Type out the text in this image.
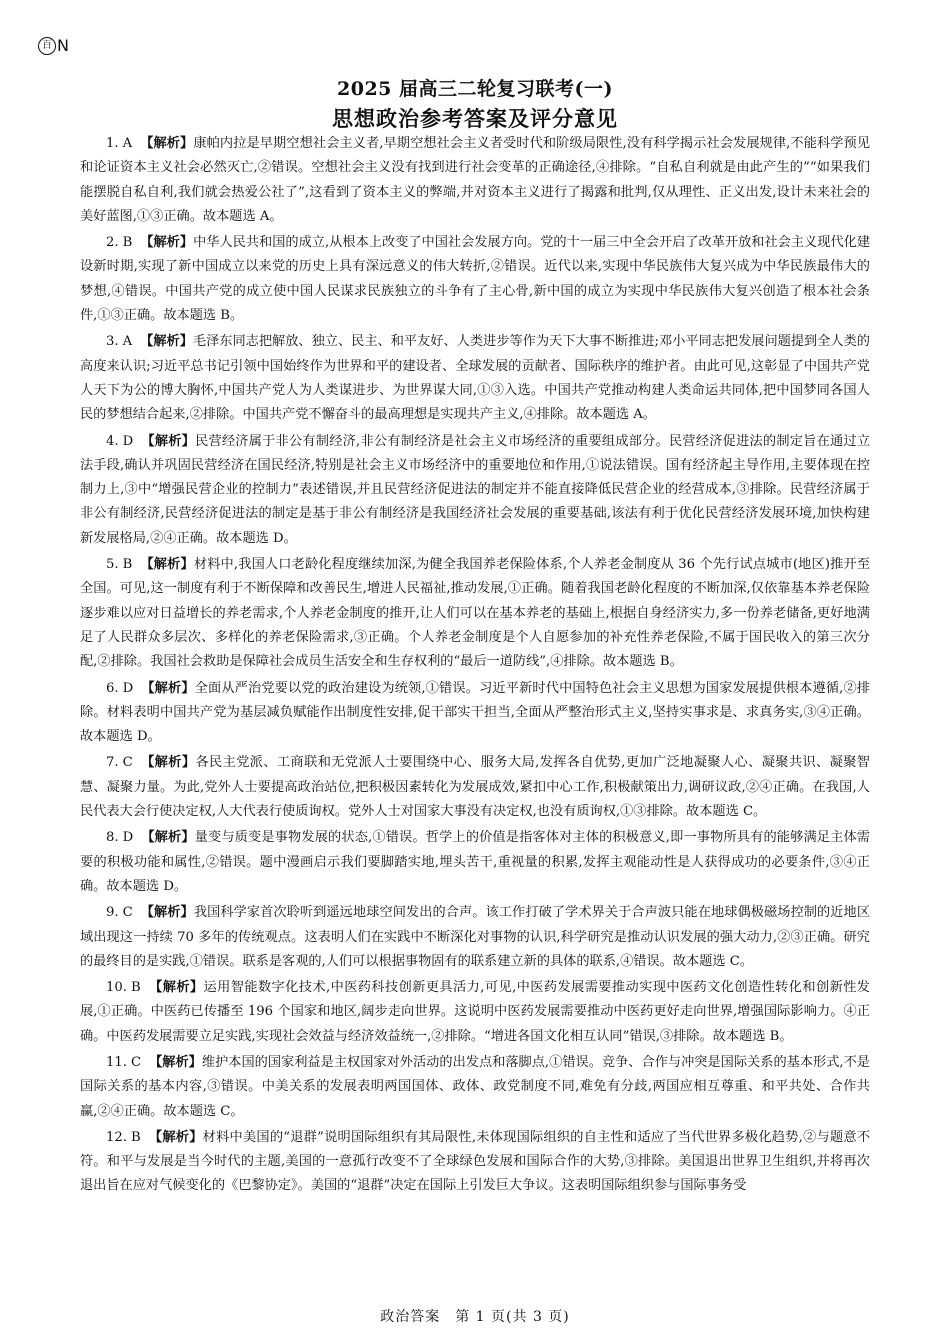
百 N
2025 届高三二轮复习联考(一)
思想政治参考答案及评分意见

1. A 【解析】康帕内拉是早期空想社会主义者,早期空想社会主义者受时代和阶级局限性,没有科学揭示社会发展规律,不能科学预见和论证资本主义社会必然灭亡,②错误。空想社会主义没有找到进行社会变革的正确途径,④排除。“自私自利就是由此产生的”“如果我们能摆脱自私自利,我们就会热爱公社了”,这看到了资本主义的弊端,并对资本主义进行了揭露和批判,仅从理性、正义出发,设计未来社会的美好蓝图,①③正确。故本题选 A。

2. B 【解析】中华人民共和国的成立,从根本上改变了中国社会发展方向。党的十一届三中全会开启了改革开放和社会主义现代化建设新时期,实现了新中国成立以来党的历史上具有深远意义的伟大转折,②错误。近代以来,实现中华民族伟大复兴成为中华民族最伟大的梦想,④错误。中国共产党的成立使中国人民谋求民族独立的斗争有了主心骨,新中国的成立为实现中华民族伟大复兴创造了根本社会条件,①③正确。故本题选 B。

3. A 【解析】毛泽东同志把解放、独立、民主、和平友好、人类进步等作为天下大事不断推进;邓小平同志把发展问题提到全人类的高度来认识;习近平总书记引领中国始终作为世界和平的建设者、全球发展的贡献者、国际秩序的维护者。由此可见,这彰显了中国共产党人天下为公的博大胸怀,中国共产党人为人类谋进步、为世界谋大同,①③入选。中国共产党推动构建人类命运共同体,把中国梦同各国人民的梦想结合起来,②排除。中国共产党不懈奋斗的最高理想是实现共产主义,④排除。故本题选 A。

4. D 【解析】民营经济属于非公有制经济,非公有制经济是社会主义市场经济的重要组成部分。民营经济促进法的制定旨在通过立法手段,确认并巩固民营经济在国民经济,特别是社会主义市场经济中的重要地位和作用,①说法错误。国有经济起主导作用,主要体现在控制力上,③中“增强民营企业的控制力”表述错误,并且民营经济促进法的制定并不能直接降低民营企业的经营成本,③排除。民营经济属于非公有制经济,民营经济促进法的制定是基于非公有制经济是我国经济社会发展的重要基础,该法有利于优化民营经济发展环境,加快构建新发展格局,②④正确。故本题选 D。

5. B 【解析】材料中,我国人口老龄化程度继续加深,为健全我国养老保险体系,个人养老金制度从 36 个先行试点城市(地区)推开至全国。可见,这一制度有利于不断保障和改善民生,增进人民福祉,推动发展,①正确。随着我国老龄化程度的不断加深,仅依靠基本养老保险逐步难以应对日益增长的养老需求,个人养老金制度的推开,让人们可以在基本养老的基础上,根据自身经济实力,多一份养老储备,更好地满足了人民群众多层次、多样化的养老保险需求,③正确。个人养老金制度是个人自愿参加的补充性养老保险,不属于国民收入的第三次分配,②排除。我国社会救助是保障社会成员生活安全和生存权利的“最后一道防线”,④排除。故本题选 B。

6. D 【解析】全面从严治党要以党的政治建设为统领,①错误。习近平新时代中国特色社会主义思想为国家发展提供根本遵循,②排除。材料表明中国共产党为基层减负赋能作出制度性安排,促干部实干担当,全面从严整治形式主义,坚持实事求是、求真务实,③④正确。故本题选 D。

7. C 【解析】各民主党派、工商联和无党派人士要围绕中心、服务大局,发挥各自优势,更加广泛地凝聚人心、凝聚共识、凝聚智慧、凝聚力量。为此,党外人士要提高政治站位,把积极因素转化为发展成效,紧扣中心工作,积极献策出力,调研议政,②④正确。在我国,人民代表大会行使决定权,人大代表行使质询权。党外人士对国家大事没有决定权,也没有质询权,①③排除。故本题选 C。

8. D 【解析】量变与质变是事物发展的状态,①错误。哲学上的价值是指客体对主体的积极意义,即一事物所具有的能够满足主体需要的积极功能和属性,②错误。题中漫画启示我们要脚踏实地,埋头苦干,重视量的积累,发挥主观能动性是人获得成功的必要条件,③④正确。故本题选 D。

9. C 【解析】我国科学家首次聆听到遥远地球空间发出的合声。该工作打破了学术界关于合声波只能在地球偶极磁场控制的近地区域出现这一持续 70 多年的传统观点。这表明人们在实践中不断深化对事物的认识,科学研究是推动认识发展的强大动力,②③正确。研究的最终目的是实践,①错误。联系是客观的,人们可以根据事物固有的联系建立新的具体的联系,④错误。故本题选 C。

10. B 【解析】运用智能数字化技术,中医药科技创新更具活力,可见,中医药发展需要推动实现中医药文化创造性转化和创新性发展,①正确。中医药已传播至 196 个国家和地区,阔步走向世界。这说明中医药发展需要推动中医药更好走向世界,增强国际影响力。④正确。中医药发展需要立足实践,实现社会效益与经济效益统一,②排除。“增进各国文化相互认同”错误,③排除。故本题选 B。

11. C 【解析】维护本国的国家利益是主权国家对外活动的出发点和落脚点,①错误。竞争、合作与冲突是国际关系的基本形式,不是国际关系的基本内容,③错误。中美关系的发展表明两国国体、政体、政党制度不同,难免有分歧,两国应相互尊重、和平共处、合作共赢,②④正确。故本题选 C。

12. B 【解析】材料中美国的“退群”说明国际组织有其局限性,未体现国际组织的自主性和适应了当代世界多极化趋势,②与题意不符。和平与发展是当今时代的主题,美国的一意孤行改变不了全球绿色发展和国际合作的大势,③排除。美国退出世界卫生组织,并将再次退出旨在应对气候变化的《巴黎协定》。美国的“退群”决定在国际上引发巨大争议。这表明国际组织参与国际事务受

政治答案　第 1 页(共 3 页)
